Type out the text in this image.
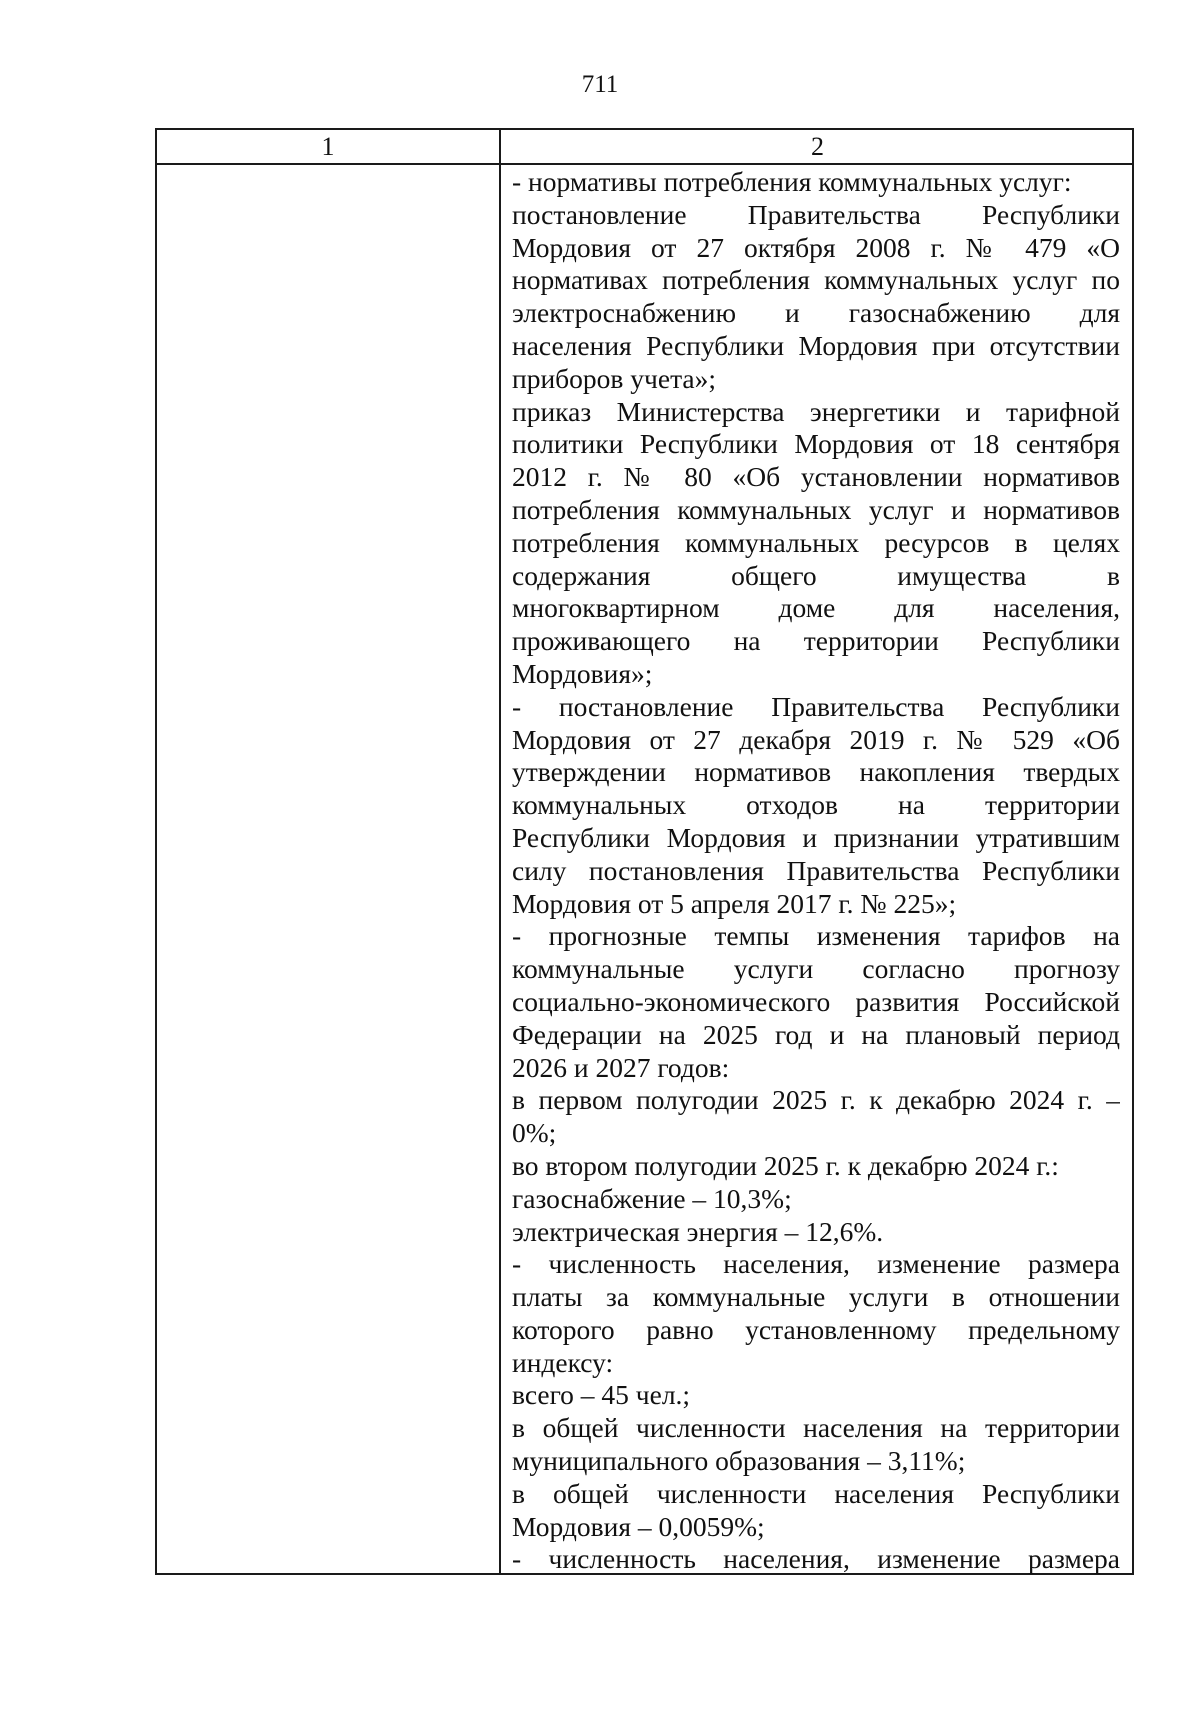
711
1	2
- нормативы потребления коммунальных услуг:
постановление Правительства Республики
Мордовия от 27 октября 2008 г. № 479 «О
нормативах потребления коммунальных услуг по
электроснабжению и газоснабжению для
населения Республики Мордовия при отсутствии
приборов учета»;
приказ Министерства энергетики и тарифной
политики Республики Мордовия от 18 сентября
2012 г. № 80 «Об установлении нормативов
потребления коммунальных услуг и нормативов
потребления коммунальных ресурсов в целях
содержания общего имущества в
многоквартирном доме для населения,
проживающего на территории Республики
Мордовия»;
- постановление Правительства Республики
Мордовия от 27 декабря 2019 г. № 529 «Об
утверждении нормативов накопления твердых
коммунальных отходов на территории
Республики Мордовия и признании утратившим
силу постановления Правительства Республики
Мордовия от 5 апреля 2017 г. № 225»;
- прогнозные темпы изменения тарифов на
коммунальные услуги согласно прогнозу
социально-экономического развития Российской
Федерации на 2025 год и на плановый период
2026 и 2027 годов:
в первом полугодии 2025 г. к декабрю 2024 г. –
0%;
во втором полугодии 2025 г. к декабрю 2024 г.:
газоснабжение – 10,3%;
электрическая энергия – 12,6%.
- численность населения, изменение размера
платы за коммунальные услуги в отношении
которого равно установленному предельному
индексу:
всего – 45 чел.;
в общей численности населения на территории
муниципального образования – 3,11%;
в общей численности населения Республики
Мордовия – 0,0059%;
- численность населения, изменение размера
